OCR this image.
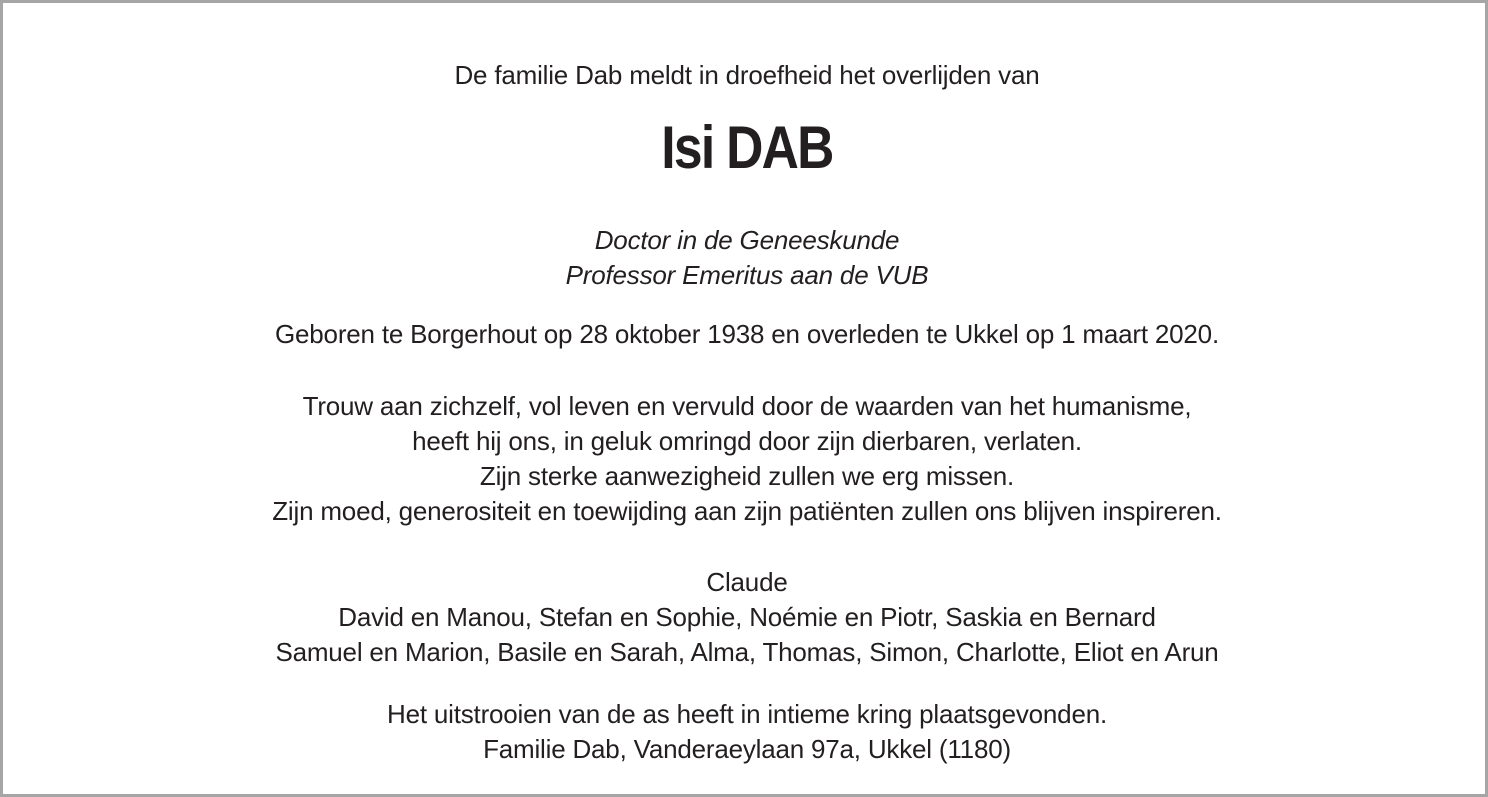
De familie Dab meldt in droefheid het overlijden van
Isi DAB
Doctor in de Geneeskunde
Professor Emeritus aan de VUB
Geboren te Borgerhout op 28 oktober 1938 en overleden te Ukkel op 1 maart 2020.
Trouw aan zichzelf, vol leven en vervuld door de waarden van het humanisme,
heeft hij ons, in geluk omringd door zijn dierbaren, verlaten.
Zijn sterke aanwezigheid zullen we erg missen.
Zijn moed, generositeit en toewijding aan zijn patiënten zullen ons blijven inspireren.
Claude
David en Manou, Stefan en Sophie, Noémie en Piotr, Saskia en Bernard
Samuel en Marion, Basile en Sarah, Alma, Thomas, Simon, Charlotte, Eliot en Arun
Het uitstrooien van de as heeft in intieme kring plaatsgevonden.
Familie Dab, Vanderaeylaan 97a, Ukkel (1180)
